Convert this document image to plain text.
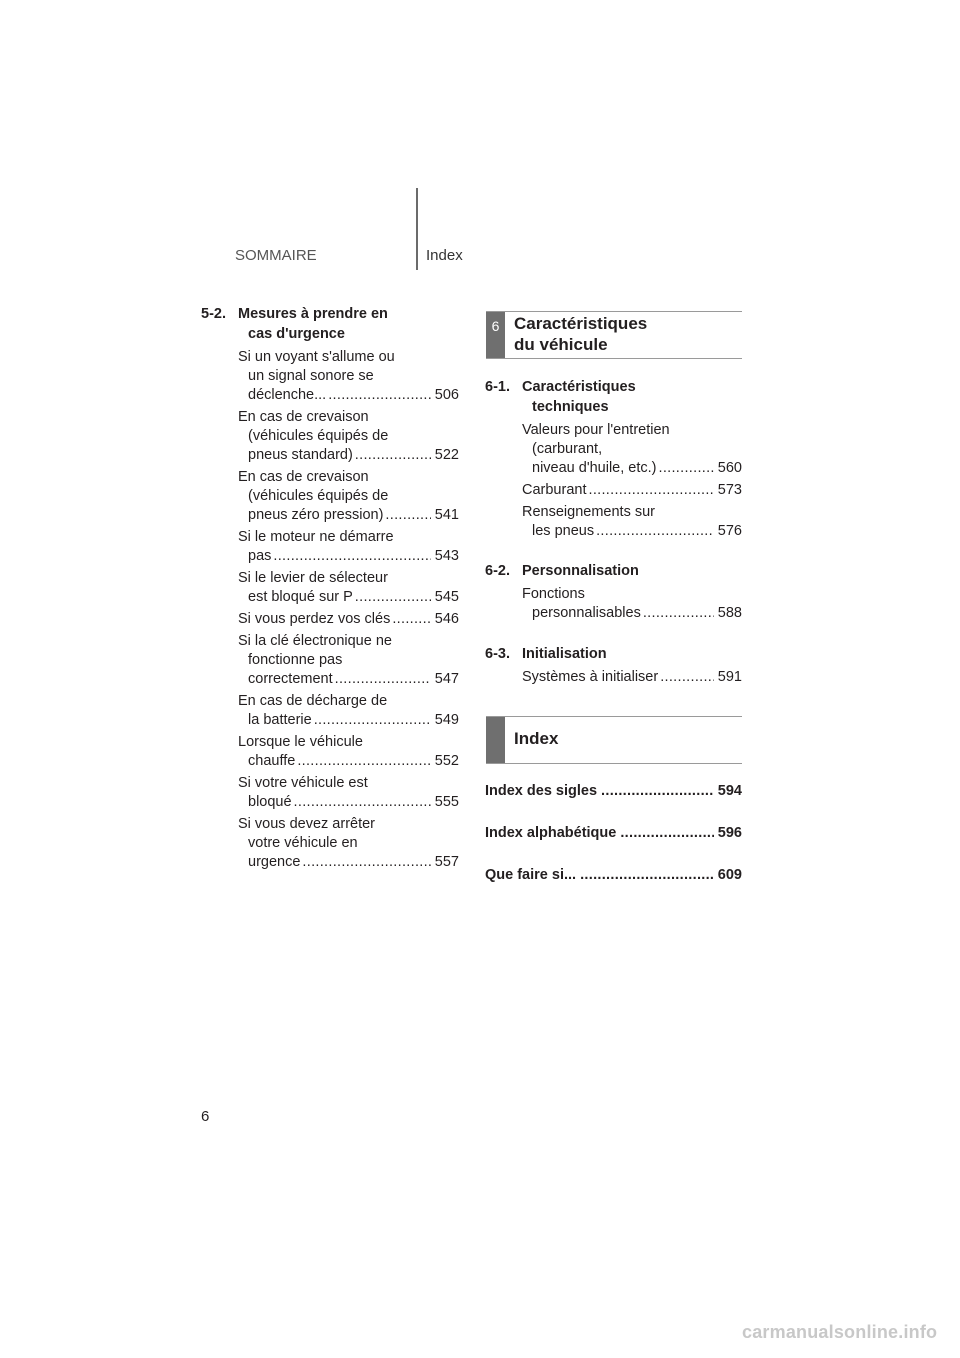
SOMMAIRE	Index
5-2. Mesures à prendre en
cas d'urgence
Si un voyant s'allume ou
un signal sonore se
déclenche... .....	506
En cas de crevaison
(véhicules équipés de
pneus standard) .....	522
En cas de crevaison
(véhicules équipés de
pneus zéro pression) .....	541
Si le moteur ne démarre
pas .....	543
Si le levier de sélecteur
est bloqué sur P .....	545
Si vous perdez vos clés .....	546
Si la clé électronique ne
fonctionne pas
correctement .....	547
En cas de décharge de
la batterie .....	549
Lorsque le véhicule
chauffe .....	552
Si votre véhicule est
bloqué .....	555
Si vous devez arrêter
votre véhicule en
urgence .....	557
6 Caractéristiques
du véhicule
6-1. Caractéristiques
techniques
Valeurs pour l'entretien
(carburant,
niveau d'huile, etc.) .....	560
Carburant .....	573
Renseignements sur
les pneus .....	576
6-2. Personnalisation
Fonctions
personnalisables .....	588
6-3. Initialisation
Systèmes à initialiser .....	591
Index
Index des sigles .....	594
Index alphabétique .....	596
Que faire si... .....	609
6
carmanualsonline.info
